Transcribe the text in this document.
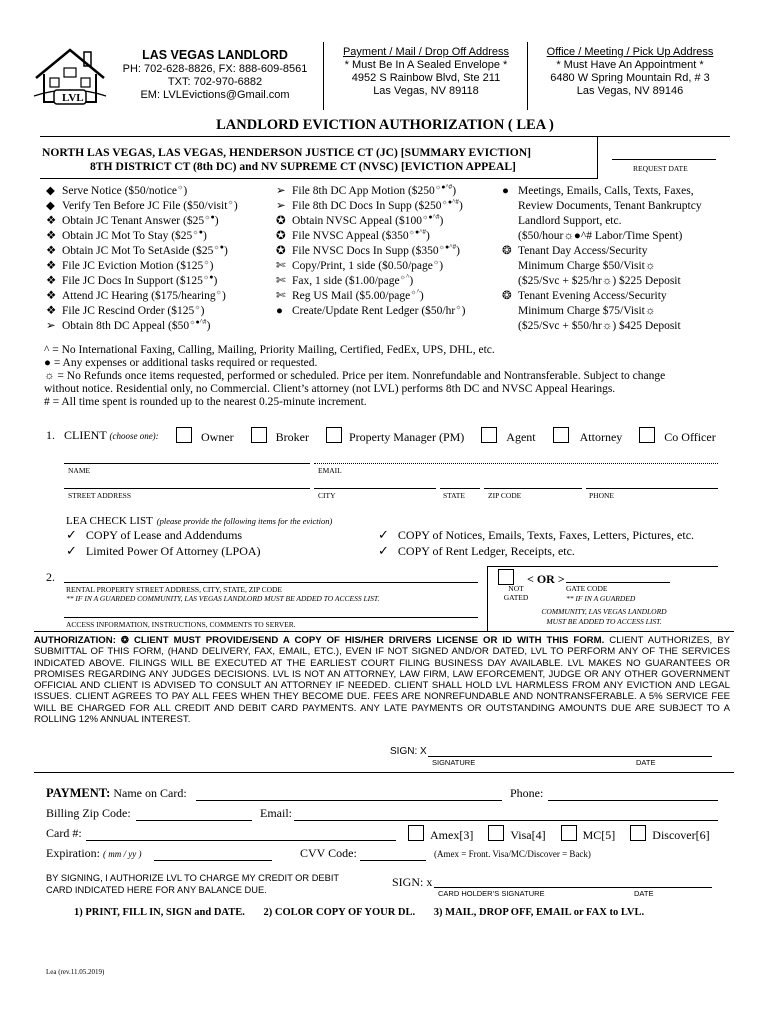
LVL
LAS VEGAS LANDLORD
PH: 702-628-8826, FX: 888-609-8561
TXT: 702-970-6882
EM: LVLEvictions@Gmail.com
Payment / Mail / Drop Off Address
* Must Be In A Sealed Envelope *
4952 S Rainbow Blvd, Ste 211
Las Vegas, NV 89118
Office / Meeting / Pick Up Address
* Must Have An Appointment *
6480 W Spring Mountain Rd, # 3
Las Vegas, NV 89146
LANDLORD EVICTION AUTHORIZATION ( LEA )
NORTH LAS VEGAS, LAS VEGAS, HENDERSON JUSTICE CT (JC) [SUMMARY EVICTION]
8TH DISTRICT CT (8th DC) and NV SUPREME CT (NVSC) [EVICTION APPEAL]	REQUEST DATE
◆ Serve Notice ($50/notice☼)
◆ Verify Ten Before JC File ($50/visit☼)
❖ Obtain JC Tenant Answer ($25☼●)
❖ Obtain JC Mot To Stay ($25☼●)
❖ Obtain JC Mot To SetAside ($25☼●)
❖ File JC Eviction Motion ($125☼)
❖ File JC Docs In Support ($125☼●)
❖ Attend JC Hearing ($175/hearing☼)
❖ File JC Rescind Order ($125☼)
➢ Obtain 8th DC Appeal ($50☼●^#)
➢ File 8th DC App Motion ($250☼●^#)
➢ File 8th DC Docs In Supp ($250☼●^#)
✪ Obtain NVSC Appeal ($100☼●^#)
✪ File NVSC Appeal ($350☼●^#)
✪ File NVSC Docs In Supp ($350☼●^#)
✄ Copy/Print, 1 side ($0.50/page☼)
✄ Fax, 1 side ($1.00/page☼^)
✄ Reg US Mail ($5.00/page☼^)
● Create/Update Rent Ledger ($50/hr☼)
● Meetings, Emails, Calls, Texts, Faxes,
Review Documents, Tenant Bankruptcy
Landlord Support, etc.
($50/hour☼●^# Labor/Time Spent)
❂ Tenant Day Access/Security
Minimum Charge $50/Visit☼
($25/Svc + $25/hr☼) $225 Deposit
❂ Tenant Evening Access/Security
Minimum Charge $75/Visit☼
($25/Svc + $50/hr☼) $425 Deposit
^ = No International Faxing, Calling, Mailing, Priority Mailing, Certified, FedEx, UPS, DHL, etc.
● = Any expenses or additional tasks required or requested.
☼ = No Refunds once items requested, performed or scheduled. Price per item. Nonrefundable and Nontransferable. Subject to change
without notice. Residential only, no Commercial. Client’s attorney (not LVL) performs 8th DC and NVSC Appeal Hearings.
# = All time spent is rounded up to the nearest 0.25-minute increment.
1. CLIENT (choose one):	Owner	Broker	Property Manager (PM)	Agent	Attorney	Co Officer
NAME	EMAIL
STREET ADDRESS	CITY	STATE	ZIP CODE	PHONE
LEA CHECK LIST (please provide the following items for the eviction)
✓ COPY of Lease and Addendums	✓ COPY of Notices, Emails, Texts, Faxes, Letters, Pictures, etc.
✓ Limited Power Of Attorney (LPOA)	✓ COPY of Rent Ledger, Receipts, etc.
2.
RENTAL PROPERTY STREET ADDRESS, CITY, STATE, ZIP CODE
** IF IN A GUARDED COMMUNITY, LAS VEGAS LANDLORD MUST BE ADDED TO ACCESS LIST.
ACCESS INFORMATION, INSTRUCTIONS, COMMENTS TO SERVER.
< OR >
NOT GATED
GATE CODE
** IF IN A GUARDED
COMMUNITY, LAS VEGAS LANDLORD
MUST BE ADDED TO ACCESS LIST.
AUTHORIZATION: ❂ CLIENT MUST PROVIDE/SEND A COPY OF HIS/HER DRIVERS LICENSE OR ID WITH THIS FORM. CLIENT AUTHORIZES, BY SUBMITTAL OF THIS FORM, (HAND DELIVERY, FAX, EMAIL, ETC.), EVEN IF NOT SIGNED AND/OR DATED, LVL TO PERFORM ANY OF THE SERVICES INDICATED ABOVE. FILINGS WILL BE EXECUTED AT THE EARLIEST COURT FILING BUSINESS DAY AVAILABLE. LVL MAKES NO GUARANTEES OR PROMISES REGARDING ANY JUDGES DECISIONS. LVL IS NOT AN ATTORNEY, LAW FIRM, LAW EFORCEMENT, JUDGE OR ANY OTHER GOVERNMENT OFFICIAL AND CLIENT IS ADVISED TO CONSULT AN ATTORNEY IF NEEDED. CLIENT SHALL HOLD LVL HARMLESS FROM ANY EVICTION AND LEGAL ISSUES. CLIENT AGREES TO PAY ALL FEES WHEN THEY BECOME DUE. FEES ARE NONREFUNDABLE AND NONTRANSFERABLE. A 5% SERVICE FEE WILL BE CHARGED FOR ALL CREDIT AND DEBIT CARD PAYMENTS. ANY LATE PAYMENTS OR OUTSTANDING AMOUNTS DUE ARE SUBJECT TO A ROLLING 12% ANNUAL INTEREST.
SIGN: X
SIGNATURE	DATE
PAYMENT: Name on Card:	Phone:
Billing Zip Code:	Email:
Card #:	Amex[3]	Visa[4]	MC[5]	Discover[6]
Expiration: ( mm / yy )	CVV Code:	(Amex = Front. Visa/MC/Discover = Back)
BY SIGNING, I AUTHORIZE LVL TO CHARGE MY CREDIT OR DEBIT
CARD INDICATED HERE FOR ANY BALANCE DUE.
SIGN: x
CARD HOLDER’S SIGNATURE	DATE
1) PRINT, FILL IN, SIGN and DATE. 2) COLOR COPY OF YOUR DL. 3) MAIL, DROP OFF, EMAIL or FAX to LVL.
Lea (rev.11.05.2019)
